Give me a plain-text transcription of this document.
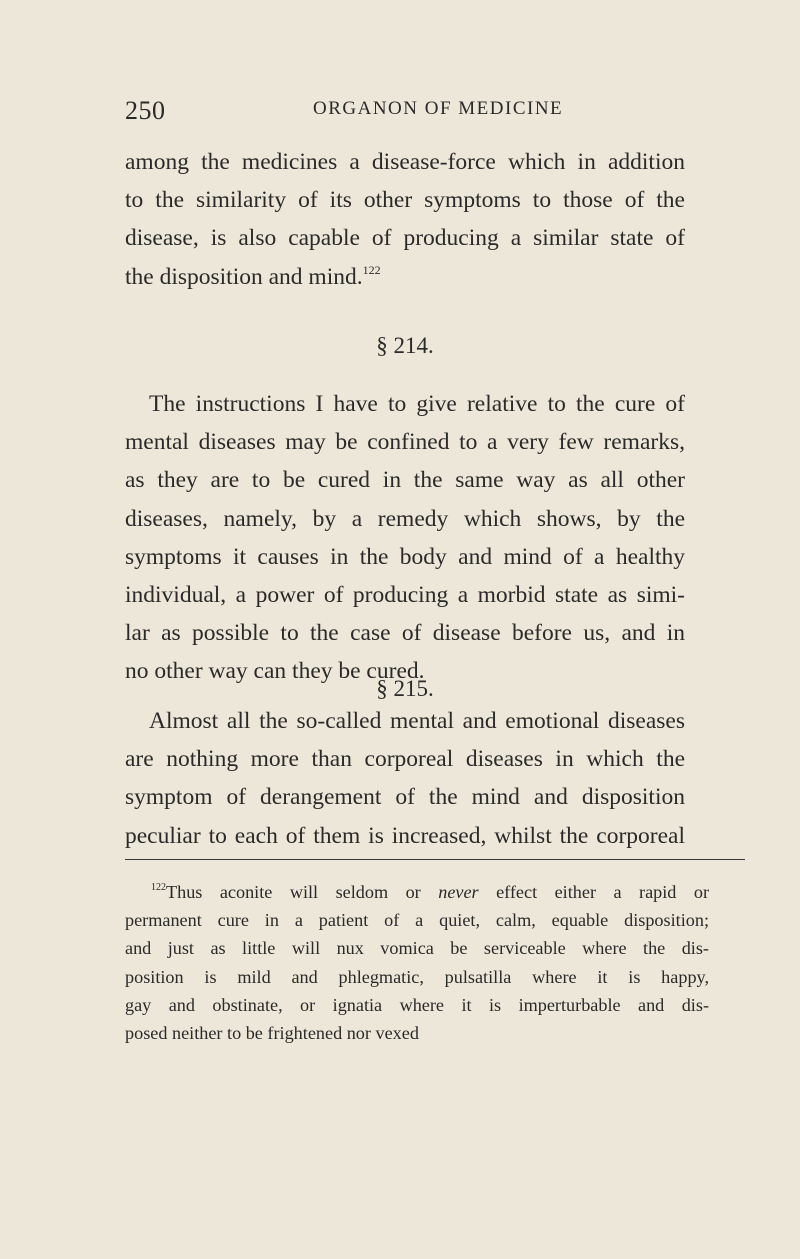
250	ORGANON OF MEDICINE
among the medicines a disease-force which in addition
to the similarity of its other symptoms to those of the
disease, is also capable of producing a similar state of
the disposition and mind.$^{122}$
§ 214.
The instructions I have to give relative to the cure of
mental diseases may be confined to a very few remarks,
as they are to be cured in the same way as all other
diseases, namely, by a remedy which shows, by the
symptoms it causes in the body and mind of a healthy
individual, a power of producing a morbid state as simi-
lar as possible to the case of disease before us, and in
no other way can they be cured.
§ 215.
Almost all the so-called mental and emotional diseases
are nothing more than corporeal diseases in which the
symptom of derangement of the mind and disposition
peculiar to each of them is increased, whilst the corporeal
$^{122}$Thus aconite will seldom or never effect either a rapid or
permanent cure in a patient of a quiet, calm, equable disposition;
and just as little will nux vomica be serviceable where the dis-
position is mild and phlegmatic, pulsatilla where it is happy,
gay and obstinate, or ignatia where it is imperturbable and dis-
posed neither to be frightened nor vexed
